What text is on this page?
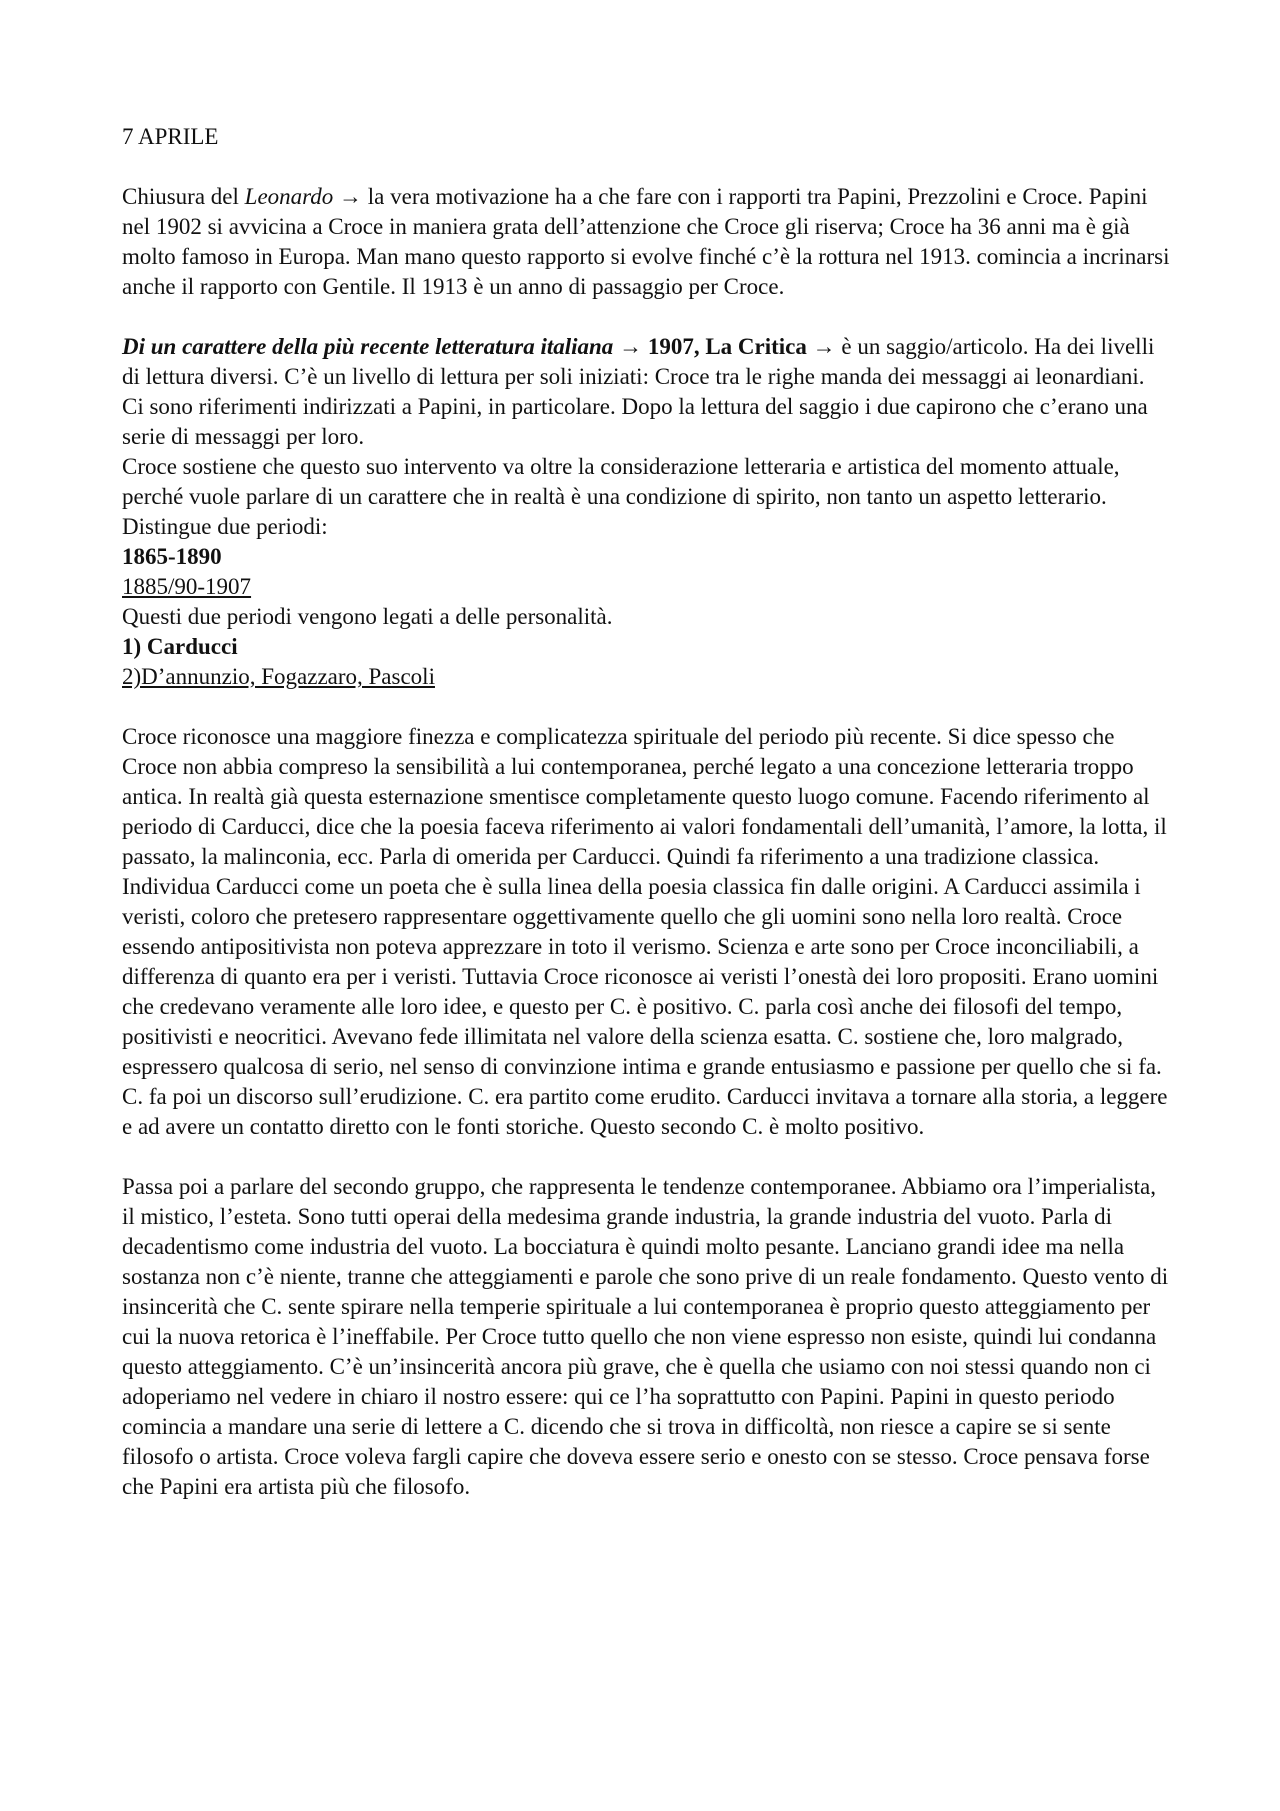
7 APRILE

Chiusura del Leonardo → la vera motivazione ha a che fare con i rapporti tra Papini, Prezzolini e Croce. Papini nel 1902 si avvicina a Croce in maniera grata dell’attenzione che Croce gli riserva; Croce ha 36 anni ma è già molto famoso in Europa. Man mano questo rapporto si evolve finché c’è la rottura nel 1913. comincia a incrinarsi anche il rapporto con Gentile. Il 1913 è un anno di passaggio per Croce.

Di un carattere della più recente letteratura italiana → 1907, La Critica → è un saggio/articolo. Ha dei livelli di lettura diversi. C’è un livello di lettura per soli iniziati: Croce tra le righe manda dei messaggi ai leonardiani. Ci sono riferimenti indirizzati a Papini, in particolare. Dopo la lettura del saggio i due capirono che c’erano una serie di messaggi per loro.

Croce sostiene che questo suo intervento va oltre la considerazione letteraria e artistica del momento attuale, perché vuole parlare di un carattere che in realtà è una condizione di spirito, non tanto un aspetto letterario. Distingue due periodi:

1865-1890

1885/90-1907

Questi due periodi vengono legati a delle personalità.

1) Carducci

2)D’annunzio, Fogazzaro, Pascoli

Croce riconosce una maggiore finezza e complicatezza spirituale del periodo più recente. Si dice spesso che Croce non abbia compreso la sensibilità a lui contemporanea, perché legato a una concezione letteraria troppo antica. In realtà già questa esternazione smentisce completamente questo luogo comune. Facendo riferimento al periodo di Carducci, dice che la poesia faceva riferimento ai valori fondamentali dell’umanità, l’amore, la lotta, il passato, la malinconia, ecc. Parla di omerida per Carducci. Quindi fa riferimento a una tradizione classica. Individua Carducci come un poeta che è sulla linea della poesia classica fin dalle origini. A Carducci assimila i veristi, coloro che pretesero rappresentare oggettivamente quello che gli uomini sono nella loro realtà. Croce essendo antipositivista non poteva apprezzare in toto il verismo. Scienza e arte sono per Croce inconciliabili, a differenza di quanto era per i veristi. Tuttavia Croce riconosce ai veristi l’onestà dei loro propositi. Erano uomini che credevano veramente alle loro idee, e questo per C. è positivo. C. parla così anche dei filosofi del tempo, positivisti e neocritici. Avevano fede illimitata nel valore della scienza esatta. C. sostiene che, loro malgrado, espressero qualcosa di serio, nel senso di convinzione intima e grande entusiasmo e passione per quello che si fa.

C. fa poi un discorso sull’erudizione. C. era partito come erudito. Carducci invitava a tornare alla storia, a leggere e ad avere un contatto diretto con le fonti storiche. Questo secondo C. è molto positivo.

Passa poi a parlare del secondo gruppo, che rappresenta le tendenze contemporanee. Abbiamo ora l’imperialista, il mistico, l’esteta. Sono tutti operai della medesima grande industria, la grande industria del vuoto. Parla di decadentismo come industria del vuoto. La bocciatura è quindi molto pesante. Lanciano grandi idee ma nella sostanza non c’è niente, tranne che atteggiamenti e parole che sono prive di un reale fondamento. Questo vento di insincerità che C. sente spirare nella temperie spirituale a lui contemporanea è proprio questo atteggiamento per cui la nuova retorica è l’ineffabile. Per Croce tutto quello che non viene espresso non esiste, quindi lui condanna questo atteggiamento. C’è un’insincerità ancora più grave, che è quella che usiamo con noi stessi quando non ci adoperiamo nel vedere in chiaro il nostro essere: qui ce l’ha soprattutto con Papini. Papini in questo periodo comincia a mandare una serie di lettere a C. dicendo che si trova in difficoltà, non riesce a capire se si sente filosofo o artista. Croce voleva fargli capire che doveva essere serio e onesto con se stesso. Croce pensava forse che Papini era artista più che filosofo.
